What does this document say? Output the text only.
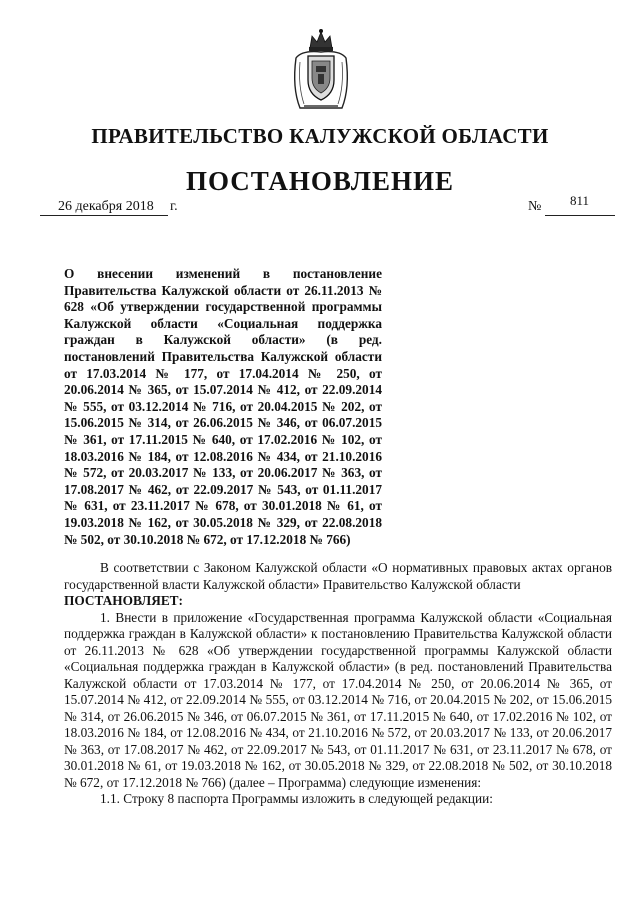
ПРАВИТЕЛЬСТВО КАЛУЖСКОЙ ОБЛАСТИ
ПОСТАНОВЛЕНИЕ
26 декабря 2018 г.	№ 811
О внесении изменений в постановление Правительства Калужской области от 26.11.2013 № 628 «Об утверждении государственной программы Калужской области «Социальная поддержка граждан в Калужской области» (в ред. постановлений Правительства Калужской области от 17.03.2014 № 177, от 17.04.2014 № 250, от 20.06.2014 № 365, от 15.07.2014 № 412, от 22.09.2014 № 555, от 03.12.2014 № 716, от 20.04.2015 № 202, от 15.06.2015 № 314, от 26.06.2015 № 346, от 06.07.2015 № 361, от 17.11.2015 № 640, от 17.02.2016 № 102, от 18.03.2016 № 184, от 12.08.2016 № 434, от 21.10.2016 № 572, от 20.03.2017 № 133, от 20.06.2017 № 363, от 17.08.2017 № 462, от 22.09.2017 № 543, от 01.11.2017 № 631, от 23.11.2017 № 678, от 30.01.2018 № 61, от 19.03.2018 № 162, от 30.05.2018 № 329, от 22.08.2018 № 502, от 30.10.2018 № 672, от 17.12.2018 № 766)

В соответствии с Законом Калужской области «О нормативных правовых актах органов государственной власти Калужской области» Правительство Калужской области

ПОСТАНОВЛЯЕТ:

1. Внести в приложение «Государственная программа Калужской области «Социальная поддержка граждан в Калужской области» к постановлению Правительства Калужской области от 26.11.2013 № 628 «Об утверждении государственной программы Калужской области «Социальная поддержка граждан в Калужской области» (в ред. постановлений Правительства Калужской области от 17.03.2014 № 177, от 17.04.2014 № 250, от 20.06.2014 № 365, от 15.07.2014 № 412, от 22.09.2014 № 555, от 03.12.2014 № 716, от 20.04.2015 № 202, от 15.06.2015 № 314, от 26.06.2015 № 346, от 06.07.2015 № 361, от 17.11.2015 № 640, от 17.02.2016 № 102, от 18.03.2016 № 184, от 12.08.2016 № 434, от 21.10.2016 № 572, от 20.03.2017 № 133, от 20.06.2017 № 363, от 17.08.2017 № 462, от 22.09.2017 № 543, от 01.11.2017 № 631, от 23.11.2017 № 678, от 30.01.2018 № 61, от 19.03.2018 № 162, от 30.05.2018 № 329, от 22.08.2018 № 502, от 30.10.2018 № 672, от 17.12.2018 № 766) (далее – Программа) следующие изменения:

1.1. Строку 8 паспорта Программы изложить в следующей редакции:
